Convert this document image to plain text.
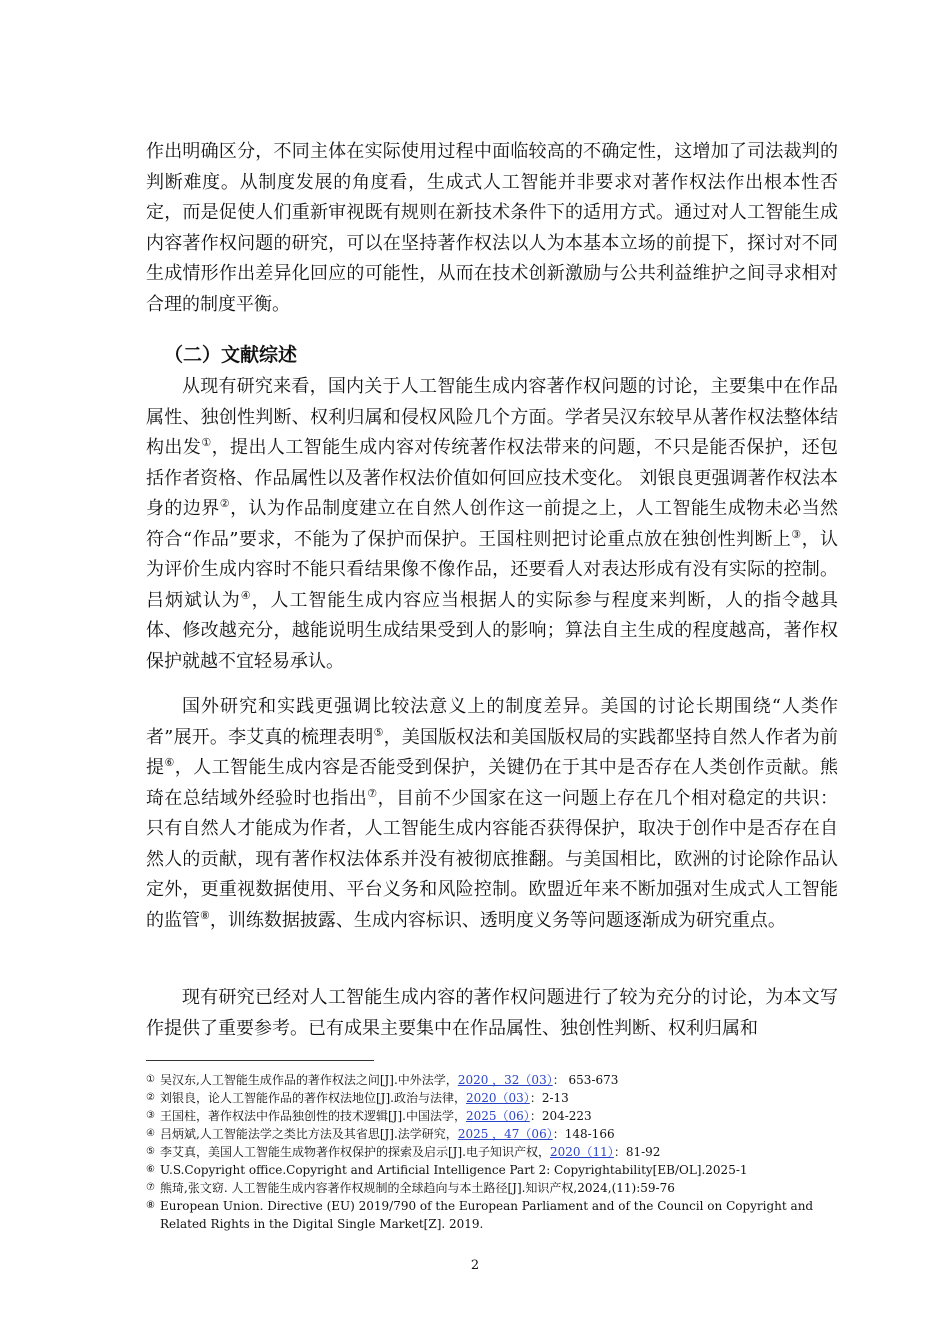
作出明确区分，不同主体在实际使用过程中面临较高的不确定性，这增加了司法裁判的判断难度。从制度发展的角度看，生成式人工智能并非要求对著作权法作出根本性否定，而是促使人们重新审视既有规则在新技术条件下的适用方式。通过对人工智能生成内容著作权问题的研究，可以在坚持著作权法以人为本基本立场的前提下，探讨对不同生成情形作出差异化回应的可能性，从而在技术创新激励与公共利益维护之间寻求相对合理的制度平衡。

（二）文献综述

从现有研究来看，国内关于人工智能生成内容著作权问题的讨论，主要集中在作品属性、独创性判断、权利归属和侵权风险几个方面。学者吴汉东较早从著作权法整体结构出发①，提出人工智能生成内容对传统著作权法带来的问题，不只是能否保护，还包括作者资格、作品属性以及著作权法价值如何回应技术变化。 刘银良更强调著作权法本身的边界②，认为作品制度建立在自然人创作这一前提之上，人工智能生成物未必当然符合“作品”要求，不能为了保护而保护。王国柱则把讨论重点放在独创性判断上③，认为评价生成内容时不能只看结果像不像作品，还要看人对表达形成有没有实际的控制。吕炳斌认为④，人工智能生成内容应当根据人的实际参与程度来判断，人的指令越具体、修改越充分，越能说明生成结果受到人的影响；算法自主生成的程度越高，著作权保护就越不宜轻易承认。

国外研究和实践更强调比较法意义上的制度差异。美国的讨论长期围绕“人类作者”展开。李艾真的梳理表明⑤，美国版权法和美国版权局的实践都坚持自然人作者为前提⑥，人工智能生成内容是否能受到保护，关键仍在于其中是否存在人类创作贡献。熊琦在总结域外经验时也指出⑦，目前不少国家在这一问题上存在几个相对稳定的共识：只有自然人才能成为作者，人工智能生成内容能否获得保护，取决于创作中是否存在自然人的贡献，现有著作权法体系并没有被彻底推翻。与美国相比，欧洲的讨论除作品认定外，更重视数据使用、平台义务和风险控制。欧盟近年来不断加强对生成式人工智能的监管⑧，训练数据披露、生成内容标识、透明度义务等问题逐渐成为研究重点。

现有研究已经对人工智能生成内容的著作权问题进行了较为充分的讨论，为本文写作提供了重要参考。已有成果主要集中在作品属性、独创性判断、权利归属和

① 吴汉东,人工智能生成作品的著作权法之问[J].中外法学，2020 ，32（03）： 653-673
② 刘银良，论人工智能作品的著作权法地位[J].政治与法律，2020（03）：2-13
③ 王国柱，著作权法中作品独创性的技术逻辑[J].中国法学，2025（06）：204-223
④ 吕炳斌,人工智能法学之类比方法及其省思[J].法学研究，2025 ，47（06）：148-166
⑤ 李艾真，美国人工智能生成物著作权保护的探索及启示[J].电子知识产权，2020（11）：81-92
⑥ U.S.Copyright office.Copyright and Artificial Intelligence Part 2: Copyrightability[EB/OL].2025-1
⑦ 熊琦,张文窈. 人工智能生成内容著作权规制的全球趋向与本土路径[J].知识产权,2024,(11):59-76
⑧ European Union. Directive (EU) 2019/790 of the European Parliament and of the Council on Copyright and Related Rights in the Digital Single Market[Z]. 2019.
2
